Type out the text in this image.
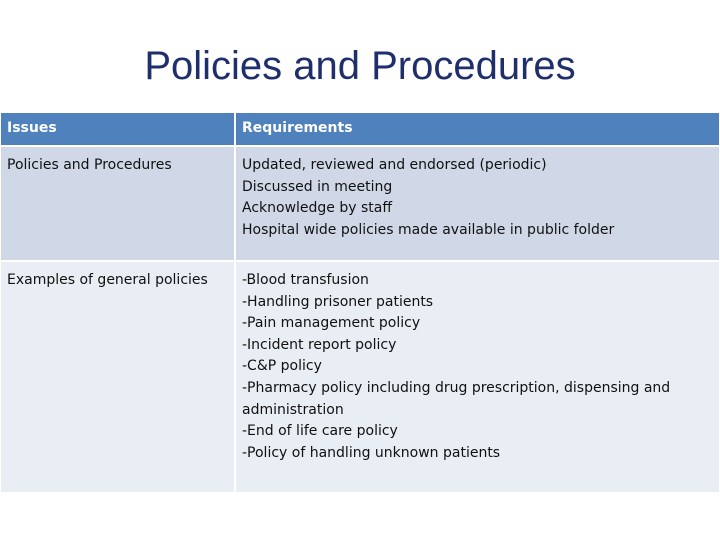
Policies and Procedures
Issues	Requirements
Policies and Procedures	Updated, reviewed and endorsed (periodic)
Discussed in meeting
Acknowledge by staff
Hospital wide policies made available in public folder
Examples of general policies	-Blood transfusion
-Handling prisoner patients
-Pain management policy
-Incident report policy
-C&P policy
-Pharmacy policy including drug prescription, dispensing and administration
-End of life care policy
-Policy of handling unknown patients
